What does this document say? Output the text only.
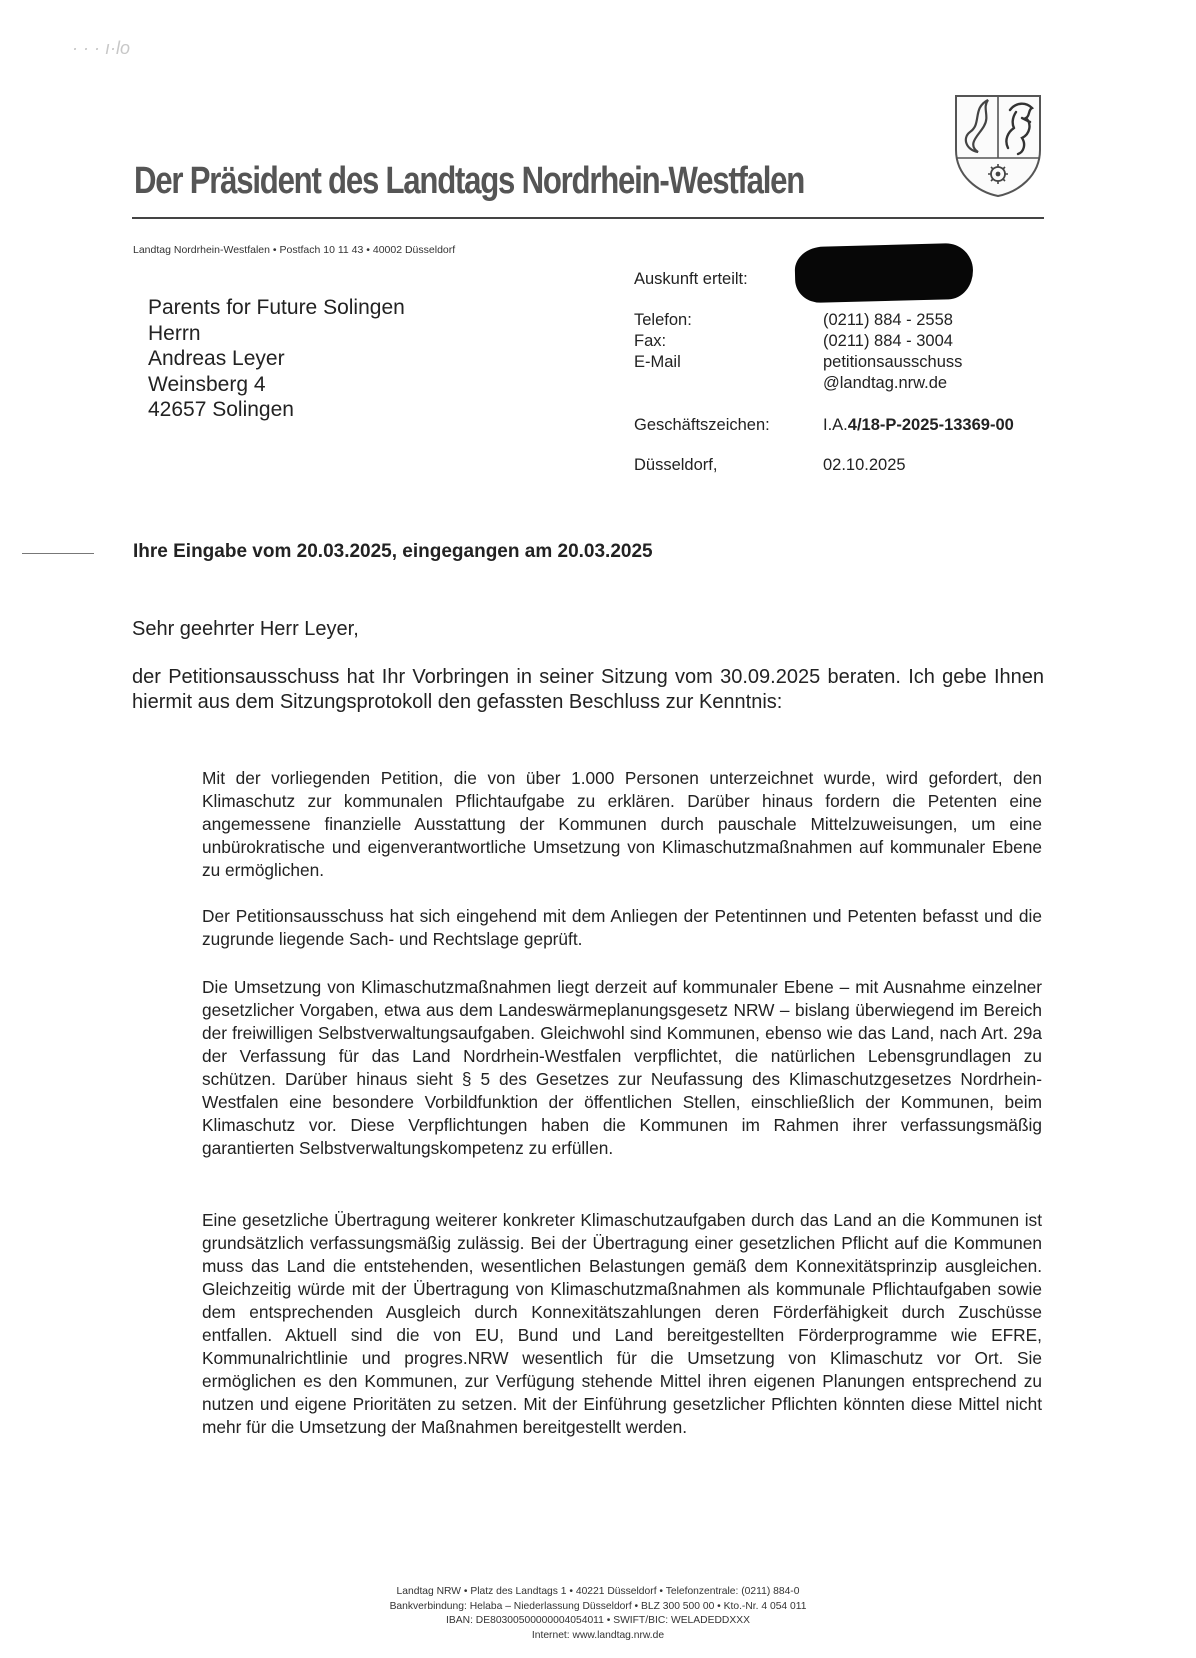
· · · ı·lo
Der Präsident des Landtags Nordrhein-Westfalen
Landtag Nordrhein-Westfalen • Postfach 10 11 43 • 40002 Düsseldorf
Parents for Future Solingen
Herrn
Andreas Leyer
Weinsberg 4
42657 Solingen
Auskunft erteilt:
Telefon:	(0211) 884 - 2558
Fax:	(0211) 884 - 3004
E-Mail	petitionsausschuss
@landtag.nrw.de
Geschäftszeichen:	I.A.4/18-P-2025-13369-00
Düsseldorf,	02.10.2025
Ihre Eingabe vom 20.03.2025, eingegangen am 20.03.2025
Sehr geehrter Herr Leyer,
der Petitionsausschuss hat Ihr Vorbringen in seiner Sitzung vom 30.09.2025 beraten. Ich gebe Ihnen hiermit aus dem Sitzungsprotokoll den gefassten Beschluss zur Kenntnis:
Mit der vorliegenden Petition, die von über 1.000 Personen unterzeichnet wurde, wird gefordert, den Klimaschutz zur kommunalen Pflichtaufgabe zu erklären. Darüber hinaus fordern die Petenten eine angemessene finanzielle Ausstattung der Kommunen durch pauschale Mittelzuweisungen, um eine unbürokratische und eigenverantwortliche Umsetzung von Klimaschutzmaßnahmen auf kommunaler Ebene zu ermöglichen.
Der Petitionsausschuss hat sich eingehend mit dem Anliegen der Petentinnen und Petenten befasst und die zugrunde liegende Sach- und Rechtslage geprüft.
Die Umsetzung von Klimaschutzmaßnahmen liegt derzeit auf kommunaler Ebene – mit Ausnahme einzelner gesetzlicher Vorgaben, etwa aus dem Landeswärmeplanungsgesetz NRW – bislang überwiegend im Bereich der freiwilligen Selbstverwaltungsaufgaben. Gleichwohl sind Kommunen, ebenso wie das Land, nach Art. 29a der Verfassung für das Land Nordrhein-Westfalen verpflichtet, die natürlichen Lebensgrundlagen zu schützen. Darüber hinaus sieht § 5 des Gesetzes zur Neufassung des Klimaschutzgesetzes Nordrhein-Westfalen eine besondere Vorbildfunktion der öffentlichen Stellen, einschließlich der Kommunen, beim Klimaschutz vor. Diese Verpflichtungen haben die Kommunen im Rahmen ihrer verfassungsmäßig garantierten Selbstverwaltungskompetenz zu erfüllen.
Eine gesetzliche Übertragung weiterer konkreter Klimaschutzaufgaben durch das Land an die Kommunen ist grundsätzlich verfassungsmäßig zulässig. Bei der Übertragung einer gesetzlichen Pflicht auf die Kommunen muss das Land die entstehenden, wesentlichen Belastungen gemäß dem Konnexitätsprinzip ausgleichen. Gleichzeitig würde mit der Übertragung von Klimaschutzmaßnahmen als kommunale Pflichtaufgaben sowie dem entsprechenden Ausgleich durch Konnexitätszahlungen deren Förderfähigkeit durch Zuschüsse entfallen. Aktuell sind die von EU, Bund und Land bereitgestellten Förderprogramme wie EFRE, Kommunalrichtlinie und progres.NRW wesentlich für die Umsetzung von Klimaschutz vor Ort. Sie ermöglichen es den Kommunen, zur Verfügung stehende Mittel ihren eigenen Planungen entsprechend zu nutzen und eigene Prioritäten zu setzen. Mit der Einführung gesetzlicher Pflichten könnten diese Mittel nicht mehr für die Umsetzung der Maßnahmen bereitgestellt werden.
Landtag NRW • Platz des Landtags 1 • 40221 Düsseldorf • Telefonzentrale: (0211) 884-0
Bankverbindung: Helaba – Niederlassung Düsseldorf • BLZ 300 500 00 • Kto.-Nr. 4 054 011
IBAN: DE80300500000004054011 • SWIFT/BIC: WELADEDDXXX
Internet: www.landtag.nrw.de
